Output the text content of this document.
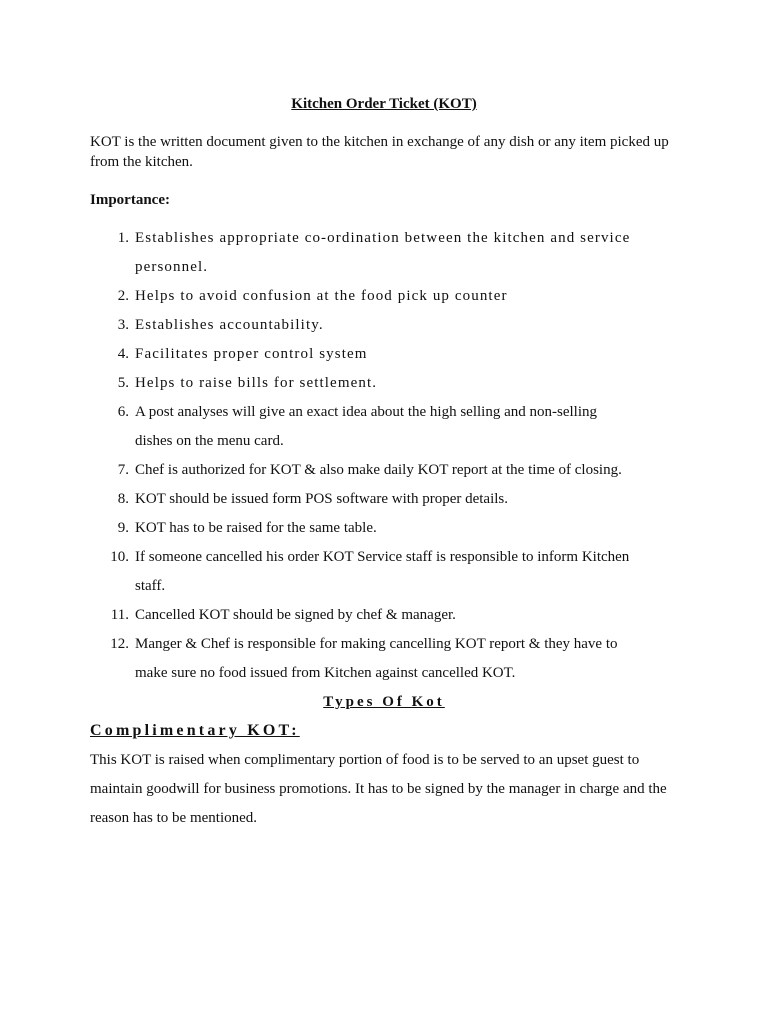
Kitchen Order Ticket (KOT)
KOT is the written document given to the kitchen in exchange of any dish or any item picked up from the kitchen.
Importance:
1. Establishes appropriate co-ordination between the kitchen and service
personnel.
2. Helps to avoid confusion at the food pick up counter
3. Establishes accountability.
4. Facilitates proper control system
5. Helps to raise bills for settlement.
6. A post analyses will give an exact idea about the high selling and non-selling
dishes on the menu card.
7. Chef is authorized for KOT & also make daily KOT report at the time of closing.
8. KOT should be issued form POS software with proper details.
9. KOT has to be raised for the same table.
10. If someone cancelled his order KOT Service staff is responsible to inform Kitchen
staff.
11. Cancelled KOT should be signed by chef & manager.
12. Manger & Chef is responsible for making cancelling KOT report & they have to
make sure no food issued from Kitchen against cancelled KOT.
Types Of Kot
Complimentary KOT:
This KOT is raised when complimentary portion of food is to be served to an upset guest to maintain goodwill for business promotions. It has to be signed by the manager in charge and the reason has to be mentioned.
